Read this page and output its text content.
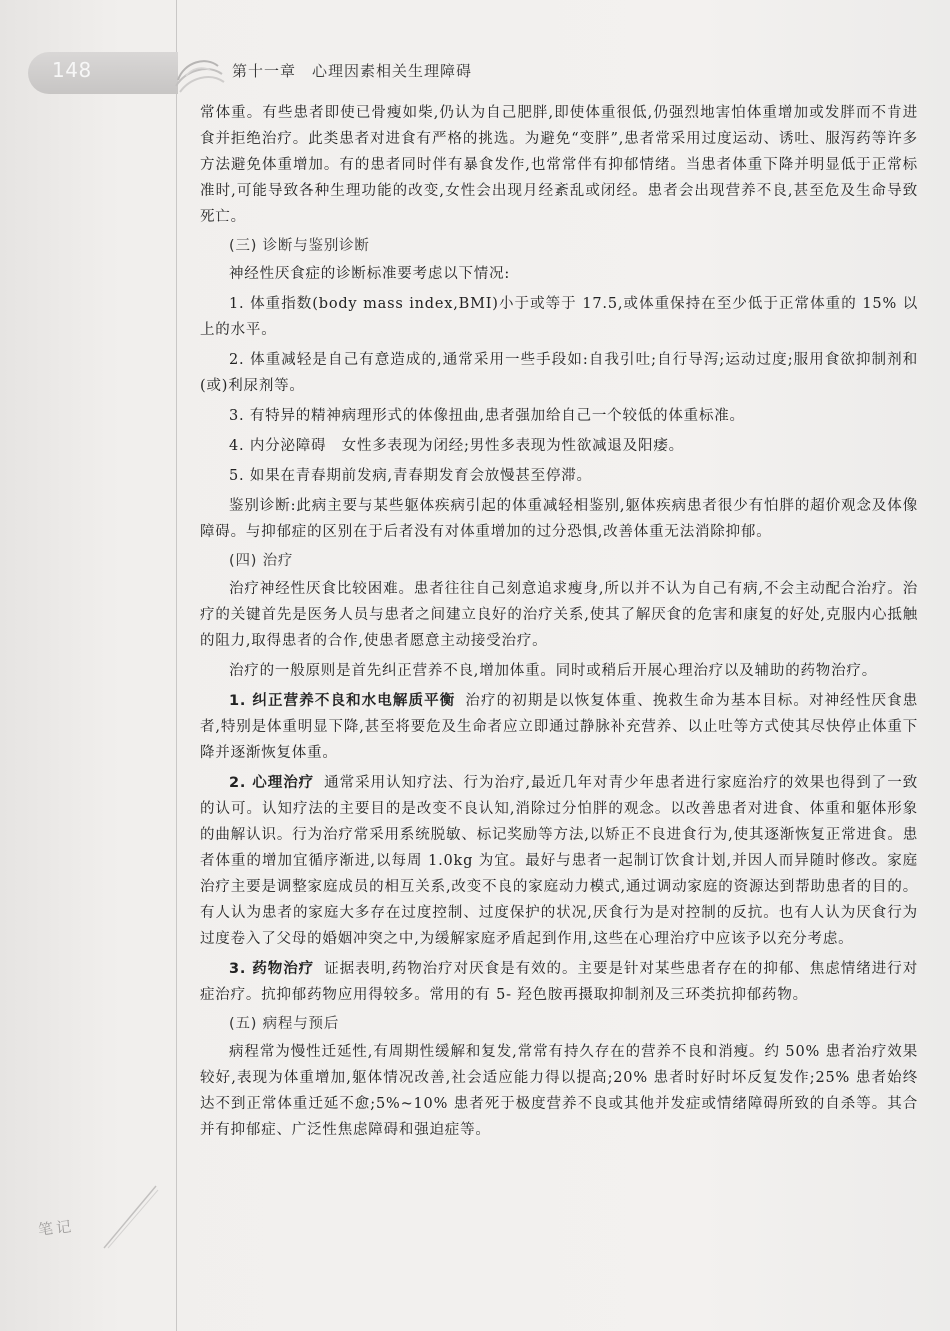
148	第十一章　心理因素相关生理障碍

常体重。有些患者即使已骨瘦如柴,仍认为自己肥胖,即使体重很低,仍强烈地害怕体重增加或发胖而不肯进食并拒绝治疗。此类患者对进食有严格的挑选。为避免“变胖”,患者常采用过度运动、诱吐、服泻药等许多方法避免体重增加。有的患者同时伴有暴食发作,也常常伴有抑郁情绪。当患者体重下降并明显低于正常标准时,可能导致各种生理功能的改变,女性会出现月经紊乱或闭经。患者会出现营养不良,甚至危及生命导致死亡。

(三) 诊断与鉴别诊断

神经性厌食症的诊断标准要考虑以下情况:

1. 体重指数(body mass index,BMI)小于或等于 17.5,或体重保持在至少低于正常体重的 15% 以上的水平。

2. 体重减轻是自己有意造成的,通常采用一些手段如:自我引吐;自行导泻;运动过度;服用食欲抑制剂和(或)利尿剂等。

3. 有特异的精神病理形式的体像扭曲,患者强加给自己一个较低的体重标准。

4. 内分泌障碍　女性多表现为闭经;男性多表现为性欲减退及阳痿。

5. 如果在青春期前发病,青春期发育会放慢甚至停滞。

鉴别诊断:此病主要与某些躯体疾病引起的体重减轻相鉴别,躯体疾病患者很少有怕胖的超价观念及体像障碍。与抑郁症的区别在于后者没有对体重增加的过分恐惧,改善体重无法消除抑郁。

(四) 治疗

治疗神经性厌食比较困难。患者往往自己刻意追求瘦身,所以并不认为自己有病,不会主动配合治疗。治疗的关键首先是医务人员与患者之间建立良好的治疗关系,使其了解厌食的危害和康复的好处,克服内心抵触的阻力,取得患者的合作,使患者愿意主动接受治疗。

治疗的一般原则是首先纠正营养不良,增加体重。同时或稍后开展心理治疗以及辅助的药物治疗。

1. 纠正营养不良和水电解质平衡 治疗的初期是以恢复体重、挽救生命为基本目标。对神经性厌食患者,特别是体重明显下降,甚至将要危及生命者应立即通过静脉补充营养、以止吐等方式使其尽快停止体重下降并逐渐恢复体重。

2. 心理治疗 通常采用认知疗法、行为治疗,最近几年对青少年患者进行家庭治疗的效果也得到了一致的认可。认知疗法的主要目的是改变不良认知,消除过分怕胖的观念。以改善患者对进食、体重和躯体形象的曲解认识。行为治疗常采用系统脱敏、标记奖励等方法,以矫正不良进食行为,使其逐渐恢复正常进食。患者体重的增加宜循序渐进,以每周 1.0kg 为宜。最好与患者一起制订饮食计划,并因人而异随时修改。家庭治疗主要是调整家庭成员的相互关系,改变不良的家庭动力模式,通过调动家庭的资源达到帮助患者的目的。有人认为患者的家庭大多存在过度控制、过度保护的状况,厌食行为是对控制的反抗。也有人认为厌食行为过度卷入了父母的婚姻冲突之中,为缓解家庭矛盾起到作用,这些在心理治疗中应该予以充分考虑。

3. 药物治疗 证据表明,药物治疗对厌食是有效的。主要是针对某些患者存在的抑郁、焦虑情绪进行对症治疗。抗抑郁药物应用得较多。常用的有 5- 羟色胺再摄取抑制剂及三环类抗抑郁药物。

(五) 病程与预后

病程常为慢性迁延性,有周期性缓解和复发,常常有持久存在的营养不良和消瘦。约 50% 患者治疗效果较好,表现为体重增加,躯体情况改善,社会适应能力得以提高;20% 患者时好时坏反复发作;25% 患者始终达不到正常体重迁延不愈;5%~10% 患者死于极度营养不良或其他并发症或情绪障碍所致的自杀等。其合并有抑郁症、广泛性焦虑障碍和强迫症等。

笔记
